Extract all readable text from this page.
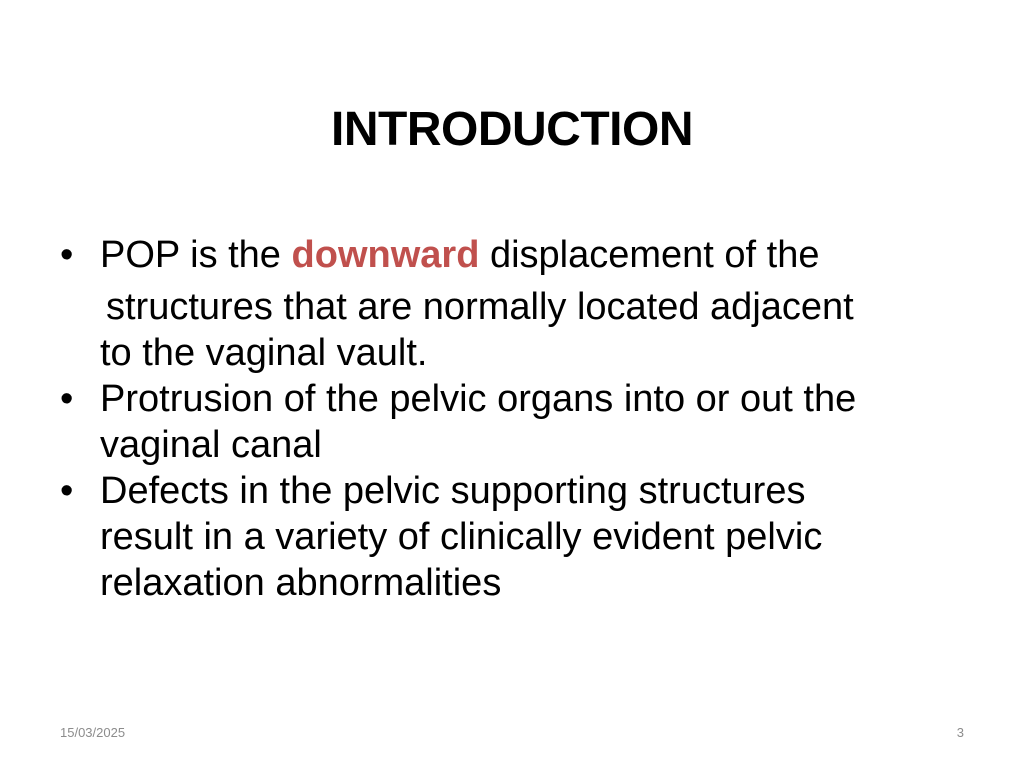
INTRODUCTION
• POP is the downward displacement of the
structures that are normally located adjacent
to the vaginal vault.
• Protrusion of the pelvic organs into or out the
vaginal canal
• Defects in the pelvic supporting structures
result in a variety of clinically evident pelvic
relaxation abnormalities
15/03/2025	3
